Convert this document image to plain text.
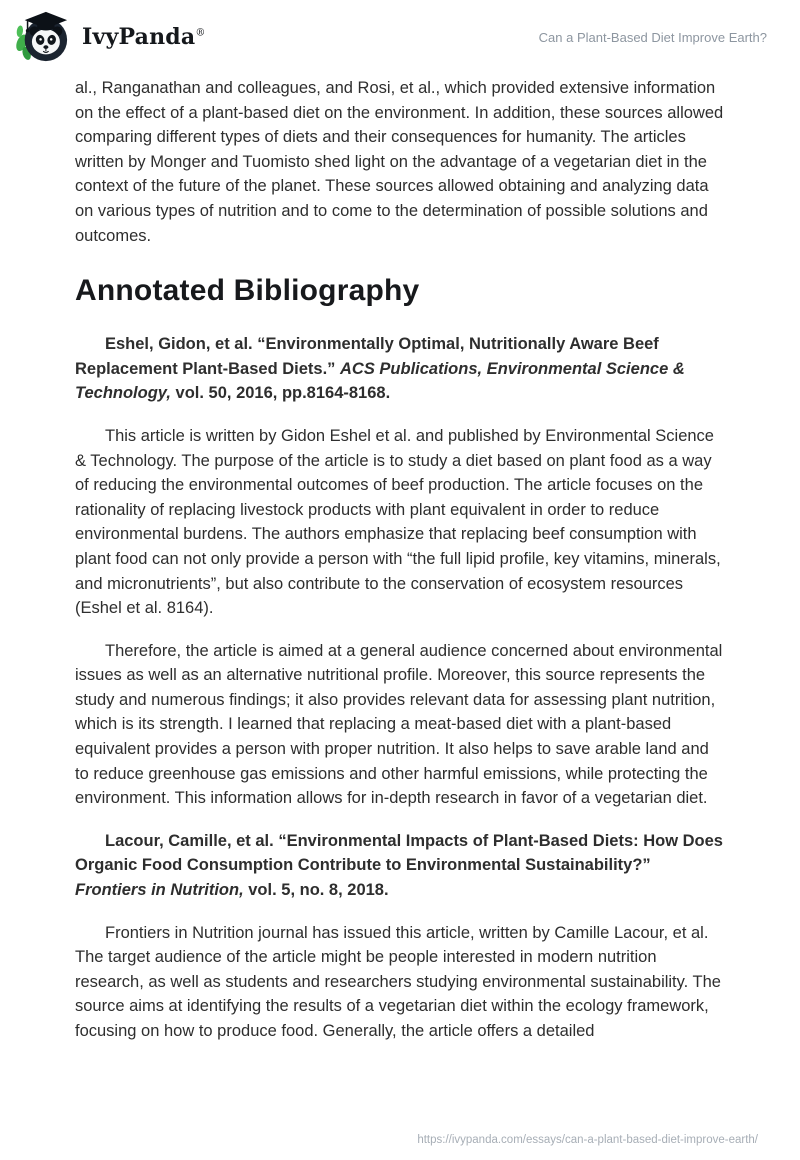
IvyPanda®	Can a Plant-Based Diet Improve Earth?

al., Ranganathan and colleagues, and Rosi, et al., which provided extensive information on the effect of a plant-based diet on the environment. In addition, these sources allowed comparing different types of diets and their consequences for humanity. The articles written by Monger and Tuomisto shed light on the advantage of a vegetarian diet in the context of the future of the planet. These sources allowed obtaining and analyzing data on various types of nutrition and to come to the determination of possible solutions and outcomes.

Annotated Bibliography

Eshel, Gidon, et al. “Environmentally Optimal, Nutritionally Aware Beef Replacement Plant-Based Diets.” ACS Publications, Environmental Science & Technology, vol. 50, 2016, pp.8164-8168.

This article is written by Gidon Eshel et al. and published by Environmental Science & Technology. The purpose of the article is to study a diet based on plant food as a way of reducing the environmental outcomes of beef production. The article focuses on the rationality of replacing livestock products with plant equivalent in order to reduce environmental burdens. The authors emphasize that replacing beef consumption with plant food can not only provide a person with “the full lipid profile, key vitamins, minerals, and micronutrients”, but also contribute to the conservation of ecosystem resources (Eshel et al. 8164).

Therefore, the article is aimed at a general audience concerned about environmental issues as well as an alternative nutritional profile. Moreover, this source represents the study and numerous findings; it also provides relevant data for assessing plant nutrition, which is its strength. I learned that replacing a meat-based diet with a plant-based equivalent provides a person with proper nutrition. It also helps to save arable land and to reduce greenhouse gas emissions and other harmful emissions, while protecting the environment. This information allows for in-depth research in favor of a vegetarian diet.

Lacour, Camille, et al. “Environmental Impacts of Plant-Based Diets: How Does Organic Food Consumption Contribute to Environmental Sustainability?” Frontiers in Nutrition, vol. 5, no. 8, 2018.

Frontiers in Nutrition journal has issued this article, written by Camille Lacour, et al. The target audience of the article might be people interested in modern nutrition research, as well as students and researchers studying environmental sustainability. The source aims at identifying the results of a vegetarian diet within the ecology framework, focusing on how to produce food. Generally, the article offers a detailed

https://ivypanda.com/essays/can-a-plant-based-diet-improve-earth/
